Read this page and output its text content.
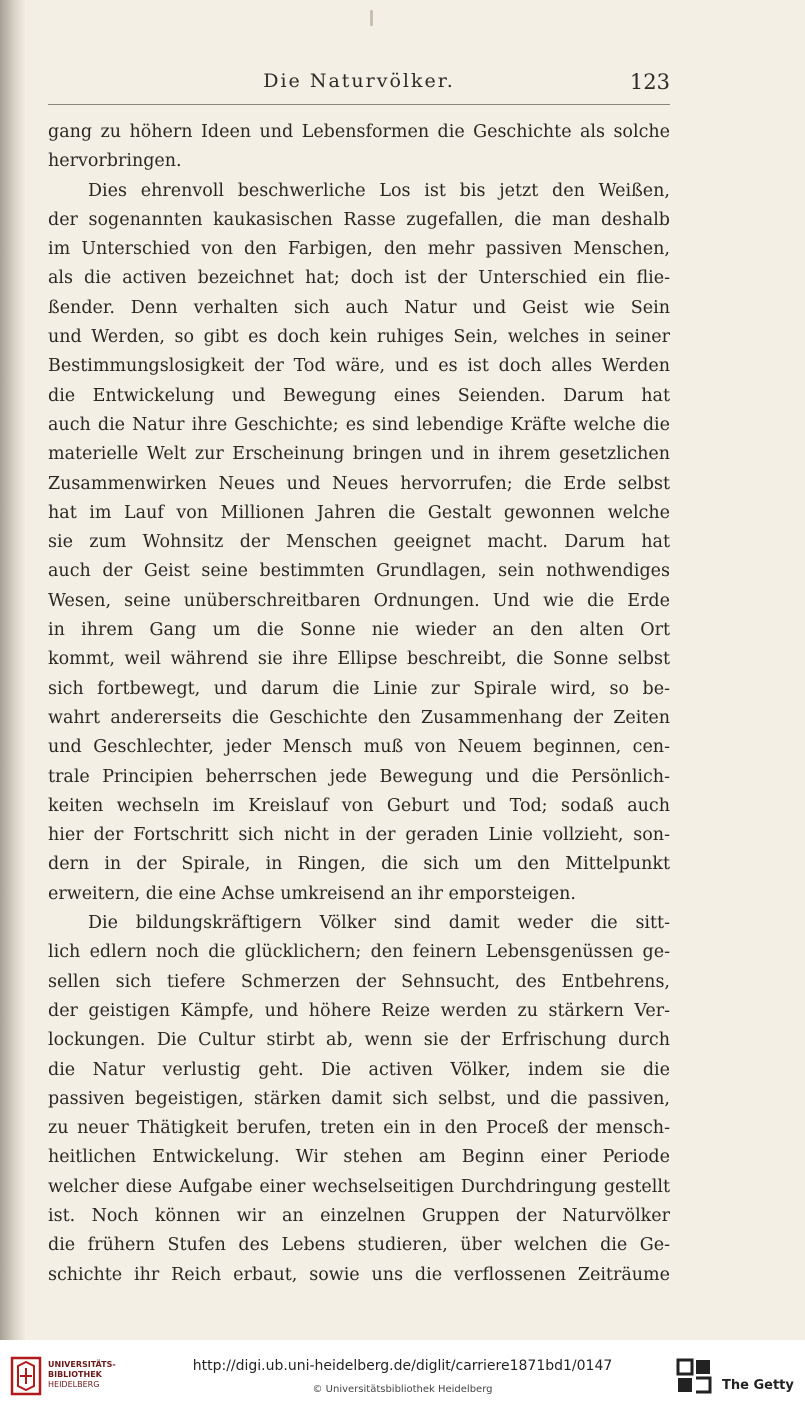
Die Naturvölker.	123
gang zu höhern Ideen und Lebensformen die Geschichte als solche
hervorbringen.
Dies ehrenvoll beschwerliche Los ist bis jetzt den Weißen,
der sogenannten kaukasischen Rasse zugefallen, die man deshalb
im Unterschied von den Farbigen, den mehr passiven Menschen,
als die activen bezeichnet hat; doch ist der Unterschied ein flie-
ßender. Denn verhalten sich auch Natur und Geist wie Sein
und Werden, so gibt es doch kein ruhiges Sein, welches in seiner
Bestimmungslosigkeit der Tod wäre, und es ist doch alles Werden
die Entwickelung und Bewegung eines Seienden. Darum hat
auch die Natur ihre Geschichte; es sind lebendige Kräfte welche die
materielle Welt zur Erscheinung bringen und in ihrem gesetzlichen
Zusammenwirken Neues und Neues hervorrufen; die Erde selbst
hat im Lauf von Millionen Jahren die Gestalt gewonnen welche
sie zum Wohnsitz der Menschen geeignet macht. Darum hat
auch der Geist seine bestimmten Grundlagen, sein nothwendiges
Wesen, seine unüberschreitbaren Ordnungen. Und wie die Erde
in ihrem Gang um die Sonne nie wieder an den alten Ort
kommt, weil während sie ihre Ellipse beschreibt, die Sonne selbst
sich fortbewegt, und darum die Linie zur Spirale wird, so be-
wahrt andererseits die Geschichte den Zusammenhang der Zeiten
und Geschlechter, jeder Mensch muß von Neuem beginnen, cen-
trale Principien beherrschen jede Bewegung und die Persönlich-
keiten wechseln im Kreislauf von Geburt und Tod; sodaß auch
hier der Fortschritt sich nicht in der geraden Linie vollzieht, son-
dern in der Spirale, in Ringen, die sich um den Mittelpunkt
erweitern, die eine Achse umkreisend an ihr emporsteigen.
Die bildungskräftigern Völker sind damit weder die sitt-
lich edlern noch die glücklichern; den feinern Lebensgenüssen ge-
sellen sich tiefere Schmerzen der Sehnsucht, des Entbehrens,
der geistigen Kämpfe, und höhere Reize werden zu stärkern Ver-
lockungen. Die Cultur stirbt ab, wenn sie der Erfrischung durch
die Natur verlustig geht. Die activen Völker, indem sie die
passiven begeistigen, stärken damit sich selbst, und die passiven,
zu neuer Thätigkeit berufen, treten ein in den Proceß der mensch-
heitlichen Entwickelung. Wir stehen am Beginn einer Periode
welcher diese Aufgabe einer wechselseitigen Durchdringung gestellt
ist. Noch können wir an einzelnen Gruppen der Naturvölker
die frühern Stufen des Lebens studieren, über welchen die Ge-
schichte ihr Reich erbaut, sowie uns die verflossenen Zeiträume
UNIVERSITÄTS-
BIBLIOTHEK
HEIDELBERG
http://digi.ub.uni-heidelberg.de/diglit/carriere1871bd1/0147
© Universitätsbibliothek Heidelberg	The Getty
